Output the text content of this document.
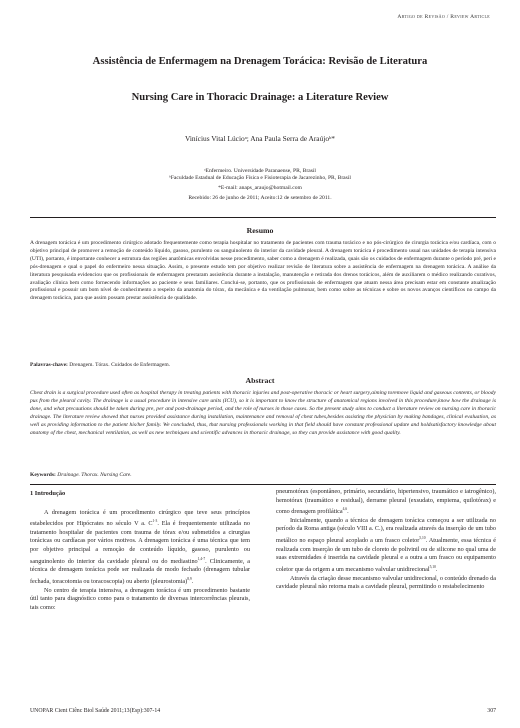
Artigo de Revisão / Review Article
Assistência de Enfermagem na Drenagem Torácica: Revisão de Literatura
Nursing Care in Thoracic Drainage: a Literature Review
Vinícius Vital Lúcioᵃ; Ana Paula Serra de Araújoᵇ*
ᵃEnfermeiro. Universidade Paranaense, PR, Brasil
ᵇFaculdade Estadual de Educação Física e Fisioterapia de Jacarezinho, PR, Brasil
*E-mail: anaps_araujo@hotmail.com
Recebido: 26 de junho de 2011; Aceito:12 de setembro de 2011.
Resumo
A drenagem torácica é um procedimento cirúrgico adotado frequentemente como terapia hospitalar no tratamento de pacientes com trauma torácico e no pós-cirúrgico de cirurgia torácica e/ou cardíaca, com o objetivo principal de promover a remoção de conteúdo líquido, gasoso, purulento ou sanguinolento do interior da cavidade pleural. A drenagem torácica é procedimento usual nas unidades de terapia intensiva (UTI), portanto, é importante conhecer a estrutura das regiões anatômicas envolvidas nesse procedimento, saber como a drenagem é realizada, quais são os cuidados de enfermagem durante o período pré, peri e pós-drenagem e qual o papel do enfermeiro nessa situação. Assim, o presente estudo tem por objetivo realizar revisão de literatura sobre a assistência de enfermagem na drenagem torácica. A análise da literatura pesquisada evidenciou que os profissionais de enfermagem prestaram assistência durante a instalação, manutenção e retirada dos drenos torácicos, além de auxiliarem o médico realizando curativos, avaliação clínica bem como fornecendo informações ao paciente e seus familiares. Conclui-se, portanto, que os profissionais de enfermagem que atuam nessa área precisam estar em constante atualização profissional e possuir um bom nível de conhecimento a respeito da anatomia do tórax, da mecânica e da ventilação pulmonar, bem como sobre as técnicas e sobre os novos avanços científicos no campo da drenagem torácica, para que assim possam prestar assistência de qualidade.
Palavras-chave: Drenagem. Tórax. Cuidados de Enfermagem.
Abstract
Chest drain is a surgical procedure used often as hospital therapy in treating patients with thoracic injuries and post-operative thoracic or heart surgery,aiming toremove liquid and gaseous contents, or bloody pus from the pleural cavity. The drainage is a usual procedure in intensive care units (ICU), so it is important to know the structure of anatomical regions involved in this procedure,know how the drainage is done, and what precautions should be taken during pre, per and post-drainage period, and the role of nurses in those cases. So the present study aims to conduct a literature review on nursing care in thoracic drainage. The literature review showed that nurses provided assistance during installation, maintenance and removal of chest tubes,besides assisting the physician by making bandages, clinical evaluation, as well as providing information to the patient his/her family. We concluded, thus, that nursing professionals working in that field should have constant professional update and holdsatisfactory knowledge about anatomy of the chest, mechanical ventilation, as well as new techniques and scientific advances in thoracic drainage, so they can provide assistance with good quality.
Keywords: Drainage. Thorax. Nursing Care.
1 Introdução

A drenagem torácica é um procedimento cirúrgico que teve seus princípios estabelecidos por Hipócrates no século V a. $C^{1-3}$. Ela é frequentemente utilizada no tratamento hospitalar de pacientes com trauma de tórax e/ou submetidos a cirurgias torácicas ou cardíacas por vários motivos. A drenagem torácica é uma técnica que tem por objetivo principal a remoção de conteúdo líquido, gasoso, purulento ou sanguinolento do interior da cavidade pleural ou do mediastino$^{1,4-7}$. Clinicamente, a técnica de drenagem torácica pode ser realizada de modo fechado (drenagem tubular fechada, toracotomia ou toracoscopia) ou aberto (pleurostomia)$^{8,9}$.

No centro de terapia intensiva, a drenagem torácica é um procedimento bastante útil tanto para diagnóstico como para o tratamento de diversas intercorrências pleurais, tais como:

pneumotórax (espontâneo, primário, secundário, hipertensivo, traumático e iatrogênico), hemotórax (traumático e residual), derrame pleural (exsudato, empiema, quilotórax) e como drenagem profilática$^{4,6}$.

Inicialmente, quando a técnica de drenagem torácica começou a ser utilizada no período da Roma antiga (século VIII a. C.), era realizada através da inserção de um tubo metálico no espaço pleural acoplado a um frasco coletor$^{5,10}$. Atualmente, essa técnica é realizada com inserção de um tubo de cloreto de polivinil ou de silicone no qual uma de suas extremidades é inserida na cavidade pleural e a outra a um frasco ou equipamento coletor que da origem a um mecanismo valvular unidirecional$^{5,10}$.

Através da criação desse mecanismo valvular unidirecional, o conteúdo drenado da cavidade pleural não retorna mais a cavidade pleural, permitindo o restabelecimento

UNOPAR Cient Ciênc Biol Saúde 2011;13(Esp):307-14	307
